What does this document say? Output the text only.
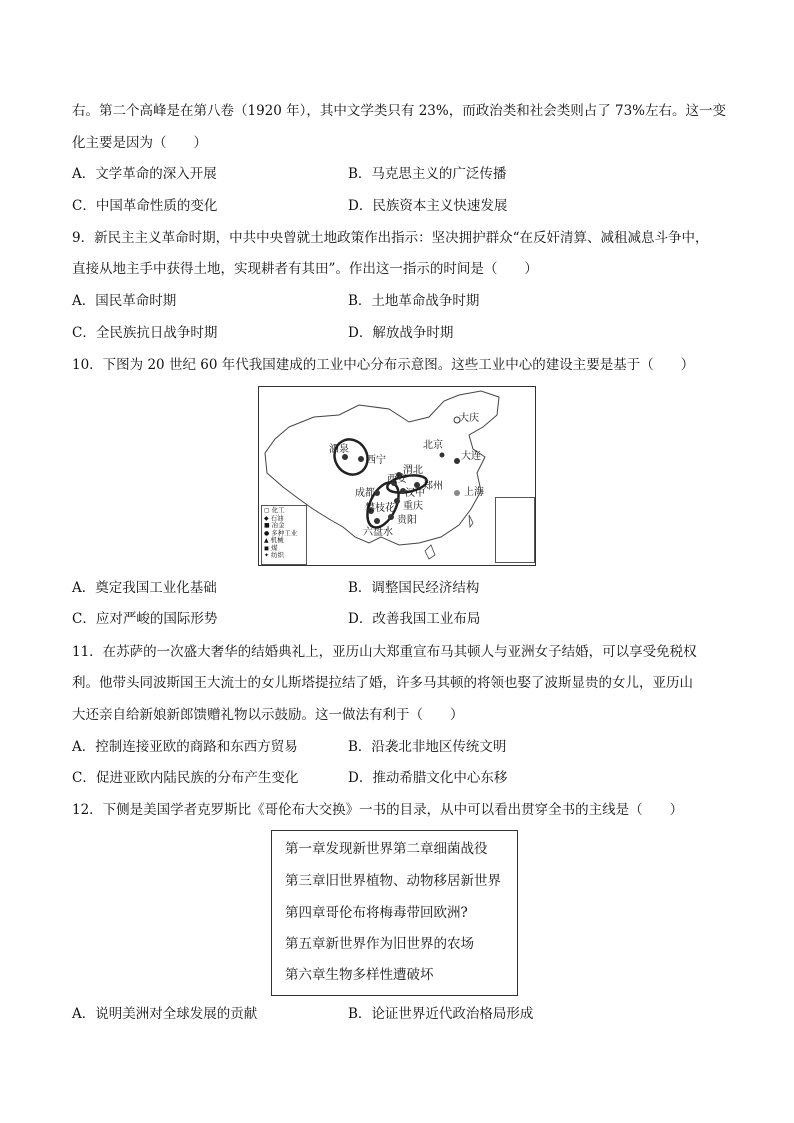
右。第二个高峰是在第八卷（1920 年），其中文学类只有 23%，而政治类和社会类则占了 73%左右。这一变
化主要是因为（　　）
A．文学革命的深入开展	B．马克思主义的广泛传播
C．中国革命性质的变化	D．民族资本主义快速发展
9．新民主主义革命时期，中共中央曾就土地政策作出指示：坚决拥护群众“在反奸清算、减租减息斗争中，
直接从地主手中获得土地，实现耕者有其田”。作出这一指示的时间是（　　）
A．国民革命时期	B．土地革命战争时期
C．全民族抗日战争时期	D．解放战争时期
10．下图为 20 世纪 60 年代我国建成的工业中心分布示意图。这些工业中心的建设主要是基于（　　）
大庆
北京
大连
酒泉
西宁
渭北
西安
郑州
成都	汉中
重庆
上海
攀枝花
贵阳
六盘水
▢ 化工
◆ 石油
■ 冶金
● 多种工业
▲ 机械
◼ 煤
✦ 纺织
A．奠定我国工业化基础	B．调整国民经济结构
C．应对严峻的国际形势	D．改善我国工业布局
11．在苏萨的一次盛大奢华的结婚典礼上，亚历山大郑重宣布马其顿人与亚洲女子结婚，可以享受免税权
利。他带头同波斯国王大流士的女儿斯塔提拉结了婚，许多马其顿的将领也娶了波斯显贵的女儿，亚历山
大还亲自给新娘新郎馈赠礼物以示鼓励。这一做法有利于（　　）
A．控制连接亚欧的商路和东西方贸易	B．沿袭北非地区传统文明
C．促进亚欧内陆民族的分布产生变化	D．推动希腊文化中心东移
12．下侧是美国学者克罗斯比《哥伦布大交换》一书的目录，从中可以看出贯穿全书的主线是（　　）
第一章发现新世界第二章细菌战役
第三章旧世界植物、动物移居新世界
第四章哥伦布将梅毒带回欧洲?
第五章新世界作为旧世界的农场
第六章生物多样性遭破坏
A．说明美洲对全球发展的贡献	B．论证世界近代政治格局形成
